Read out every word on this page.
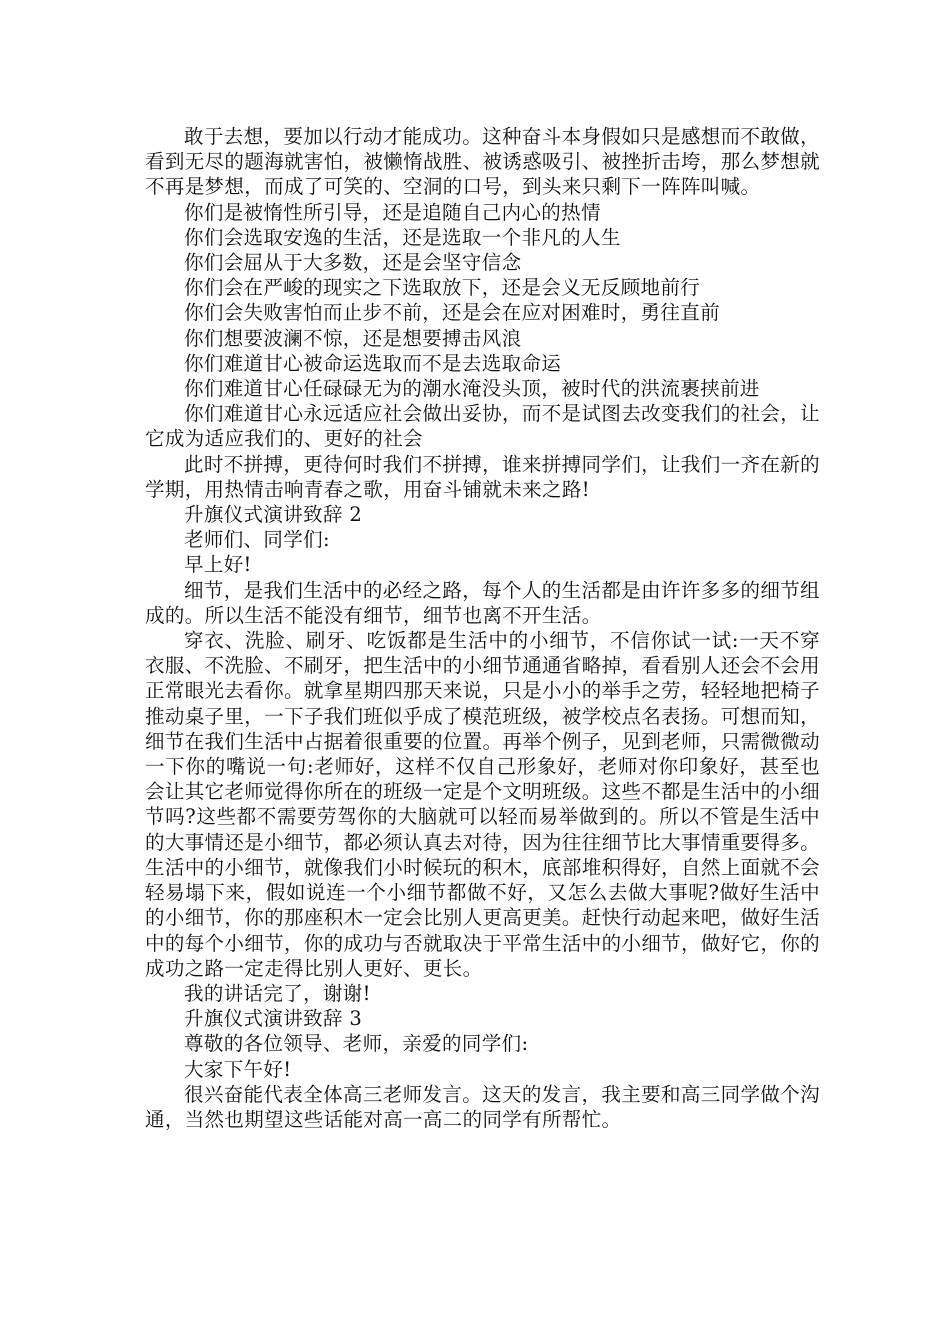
敢于去想，要加以行动才能成功。这种奋斗本身假如只是感想而不敢做，看到无尽的题海就害怕，被懒惰战胜、被诱惑吸引、被挫折击垮，那么梦想就不再是梦想，而成了可笑的、空洞的口号，到头来只剩下一阵阵叫喊。

你们是被惰性所引导，还是追随自己内心的热情

你们会选取安逸的生活，还是选取一个非凡的人生

你们会屈从于大多数，还是会坚守信念

你们会在严峻的现实之下选取放下，还是会义无反顾地前行

你们会失败害怕而止步不前，还是会在应对困难时，勇往直前

你们想要波澜不惊，还是想要搏击风浪

你们难道甘心被命运选取而不是去选取命运

你们难道甘心任碌碌无为的潮水淹没头顶，被时代的洪流裹挟前进

你们难道甘心永远适应社会做出妥协，而不是试图去改变我们的社会，让它成为适应我们的、更好的社会

此时不拼搏，更待何时我们不拼搏，谁来拼搏同学们，让我们一齐在新的学期，用热情击响青春之歌，用奋斗铺就未来之路!

升旗仪式演讲致辞 2

老师们、同学们:

早上好!

细节，是我们生活中的必经之路，每个人的生活都是由许许多多的细节组成的。所以生活不能没有细节，细节也离不开生活。

穿衣、洗脸、刷牙、吃饭都是生活中的小细节，不信你试一试:一天不穿衣服、不洗脸、不刷牙，把生活中的小细节通通省略掉，看看别人还会不会用正常眼光去看你。就拿星期四那天来说，只是小小的举手之劳，轻轻地把椅子推动桌子里，一下子我们班似乎成了模范班级，被学校点名表扬。可想而知，细节在我们生活中占据着很重要的位置。再举个例子，见到老师，只需微微动一下你的嘴说一句:老师好，这样不仅自己形象好，老师对你印象好，甚至也会让其它老师觉得你所在的班级一定是个文明班级。这些不都是生活中的小细节吗?这些都不需要劳驾你的大脑就可以轻而易举做到的。所以不管是生活中的大事情还是小细节，都必须认真去对待，因为往往细节比大事情重要得多。生活中的小细节，就像我们小时候玩的积木，底部堆积得好，自然上面就不会轻易塌下来，假如说连一个小细节都做不好，又怎么去做大事呢?做好生活中的小细节，你的那座积木一定会比别人更高更美。赶快行动起来吧，做好生活中的每个小细节，你的成功与否就取决于平常生活中的小细节，做好它，你的成功之路一定走得比别人更好、更长。

我的讲话完了，谢谢!

升旗仪式演讲致辞 3

尊敬的各位领导、老师，亲爱的同学们:

大家下午好!

很兴奋能代表全体高三老师发言。这天的发言，我主要和高三同学做个沟通，当然也期望这些话能对高一高二的同学有所帮忙。
